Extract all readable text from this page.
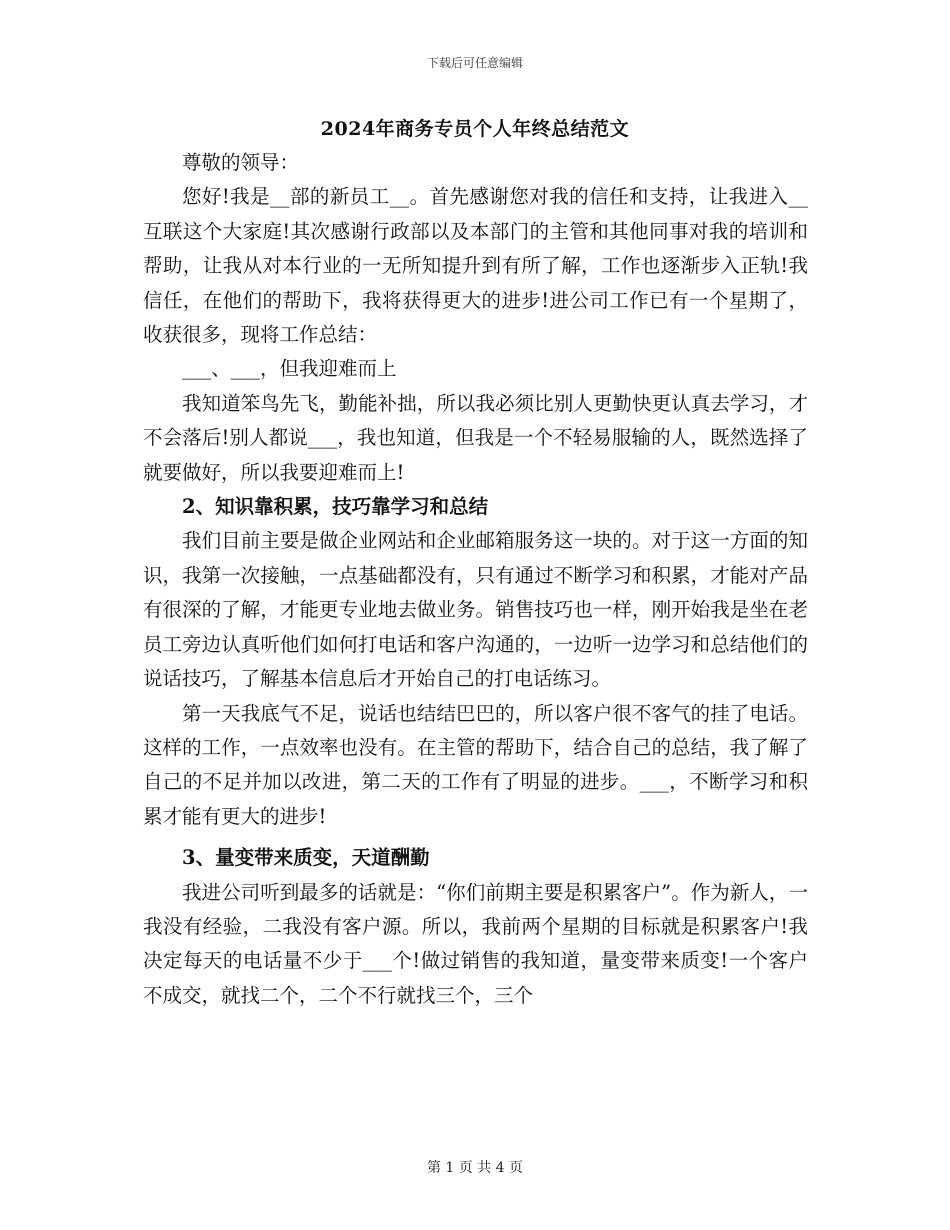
下载后可任意编辑
2024年商务专员个人年终总结范文

尊敬的领导：

您好!我是__部的新员工__。首先感谢您对我的信任和支持，让我进入__互联这个大家庭!其次感谢行政部以及本部门的主管和其他同事对我的培训和帮助，让我从对本行业的一无所知提升到有所了解，工作也逐渐步入正轨!我信任，在他们的帮助下，我将获得更大的进步!进公司工作已有一个星期了，收获很多，现将工作总结：

___、___，但我迎难而上

我知道笨鸟先飞，勤能补拙，所以我必须比别人更勤快更认真去学习，才不会落后!别人都说___，我也知道，但我是一个不轻易服输的人，既然选择了就要做好，所以我要迎难而上!

2、知识靠积累，技巧靠学习和总结

我们目前主要是做企业网站和企业邮箱服务这一块的。对于这一方面的知识，我第一次接触，一点基础都没有，只有通过不断学习和积累，才能对产品有很深的了解，才能更专业地去做业务。销售技巧也一样，刚开始我是坐在老员工旁边认真听他们如何打电话和客户沟通的，一边听一边学习和总结他们的说话技巧，了解基本信息后才开始自己的打电话练习。

第一天我底气不足，说话也结结巴巴的，所以客户很不客气的挂了电话。这样的工作，一点效率也没有。在主管的帮助下，结合自己的总结，我了解了自己的不足并加以改进，第二天的工作有了明显的进步。___，不断学习和积累才能有更大的进步!

3、量变带来质变，天道酬勤

我进公司听到最多的话就是：“你们前期主要是积累客户”。作为新人，一我没有经验，二我没有客户源。所以，我前两个星期的目标就是积累客户!我决定每天的电话量不少于___个!做过销售的我知道，量变带来质变!一个客户不成交，就找二个，二个不行就找三个，三个

第 1 页 共 4 页
